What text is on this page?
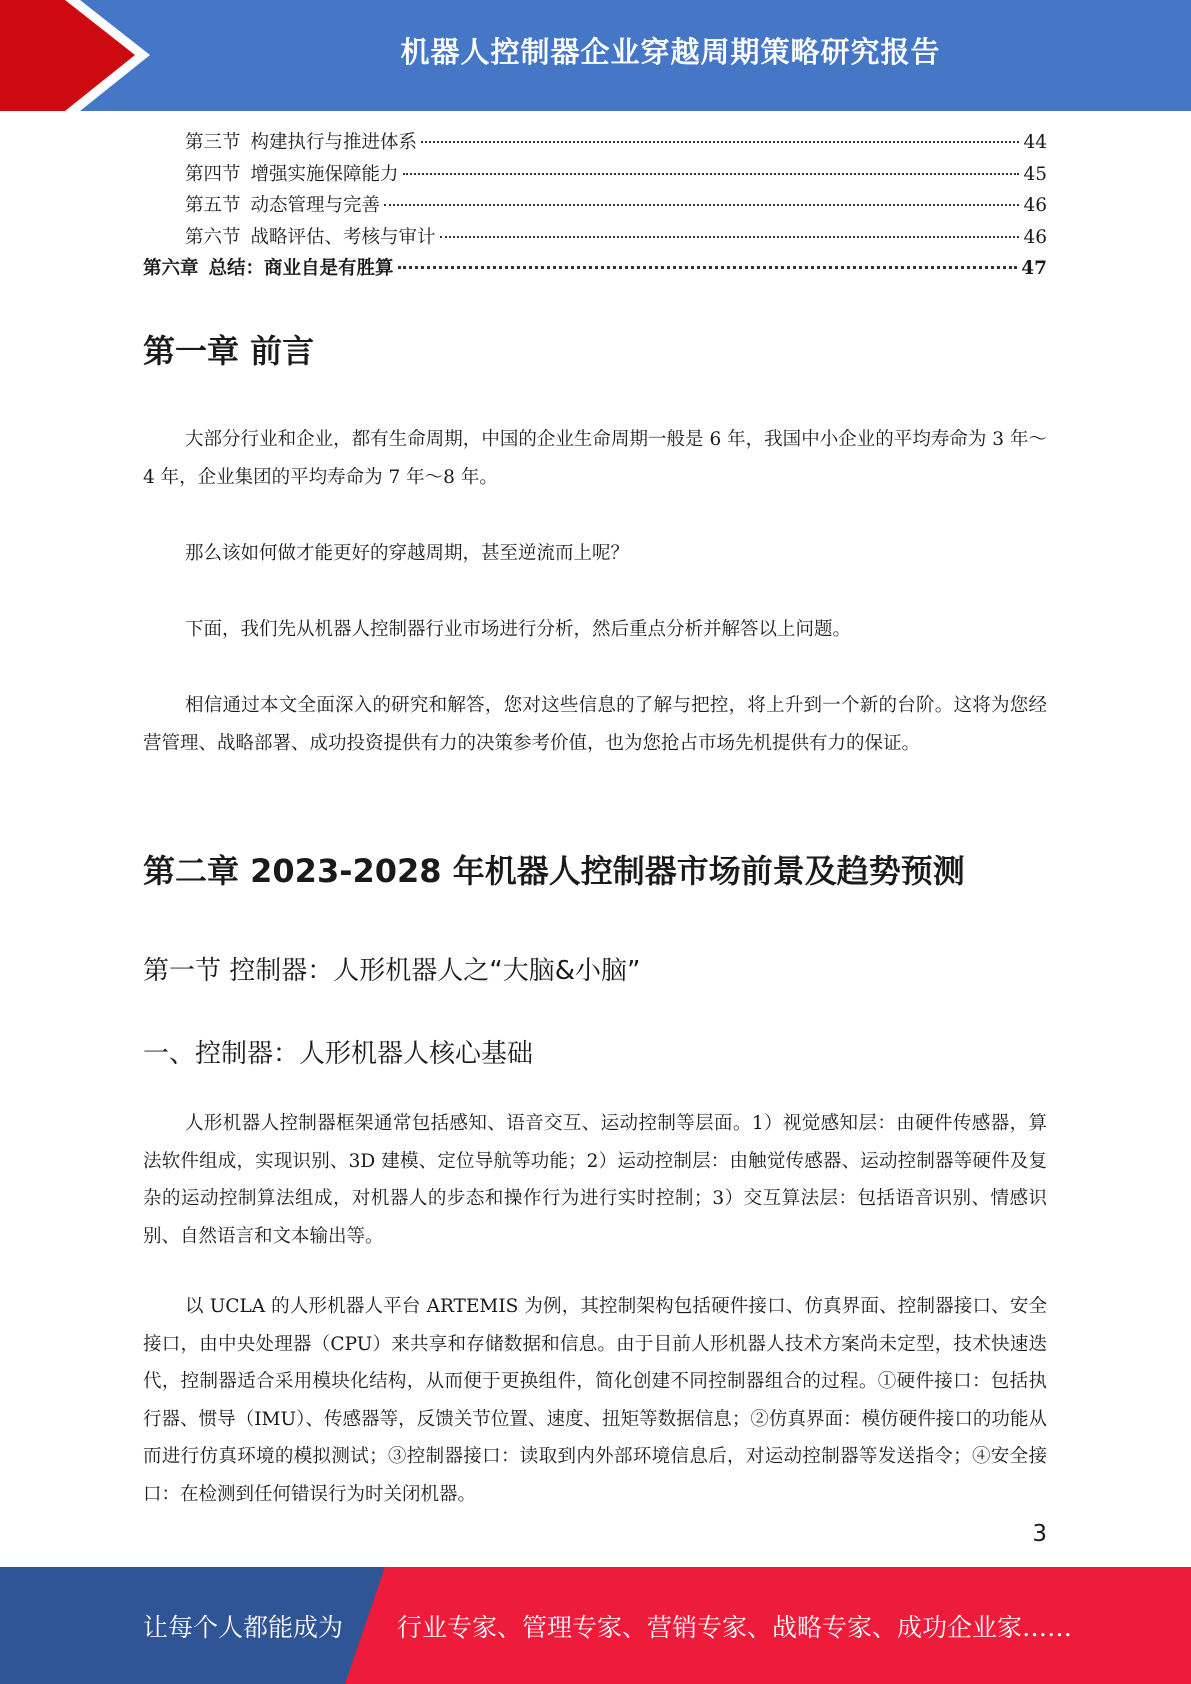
机器人控制器企业穿越周期策略研究报告
第三节 构建执行与推进体系	44
第四节 增强实施保障能力	45
第五节 动态管理与完善	46
第六节 战略评估、考核与审计	46
第六章 总结：商业自是有胜算	47
第一章 前言

大部分行业和企业，都有生命周期，中国的企业生命周期一般是 6 年，我国中小企业的平均寿命为 3 年～4 年，企业集团的平均寿命为 7 年～8 年。

那么该如何做才能更好的穿越周期，甚至逆流而上呢？

下面，我们先从机器人控制器行业市场进行分析，然后重点分析并解答以上问题。

相信通过本文全面深入的研究和解答，您对这些信息的了解与把控，将上升到一个新的台阶。这将为您经营管理、战略部署、成功投资提供有力的决策参考价值，也为您抢占市场先机提供有力的保证。

第二章 2023-2028 年机器人控制器市场前景及趋势预测
第一节 控制器：人形机器人之“大脑&小脑”
一、控制器：人形机器人核心基础

人形机器人控制器框架通常包括感知、语音交互、运动控制等层面。1）视觉感知层：由硬件传感器，算法软件组成，实现识别、3D 建模、定位导航等功能；2）运动控制层：由触觉传感器、运动控制器等硬件及复杂的运动控制算法组成，对机器人的步态和操作行为进行实时控制；3）交互算法层：包括语音识别、情感识别、自然语言和文本输出等。

以 UCLA 的人形机器人平台 ARTEMIS 为例，其控制架构包括硬件接口、仿真界面、控制器接口、安全接口，由中央处理器（CPU）来共享和存储数据和信息。由于目前人形机器人技术方案尚未定型，技术快速迭代，控制器适合采用模块化结构，从而便于更换组件，简化创建不同控制器组合的过程。①硬件接口：包括执行器、惯导（IMU）、传感器等，反馈关节位置、速度、扭矩等数据信息；②仿真界面：模仿硬件接口的功能从而进行仿真环境的模拟测试；③控制器接口：读取到内外部环境信息后，对运动控制器等发送指令；④安全接口：在检测到任何错误行为时关闭机器。

3
让每个人都能成为 行业专家、管理专家、营销专家、战略专家、成功企业家……
